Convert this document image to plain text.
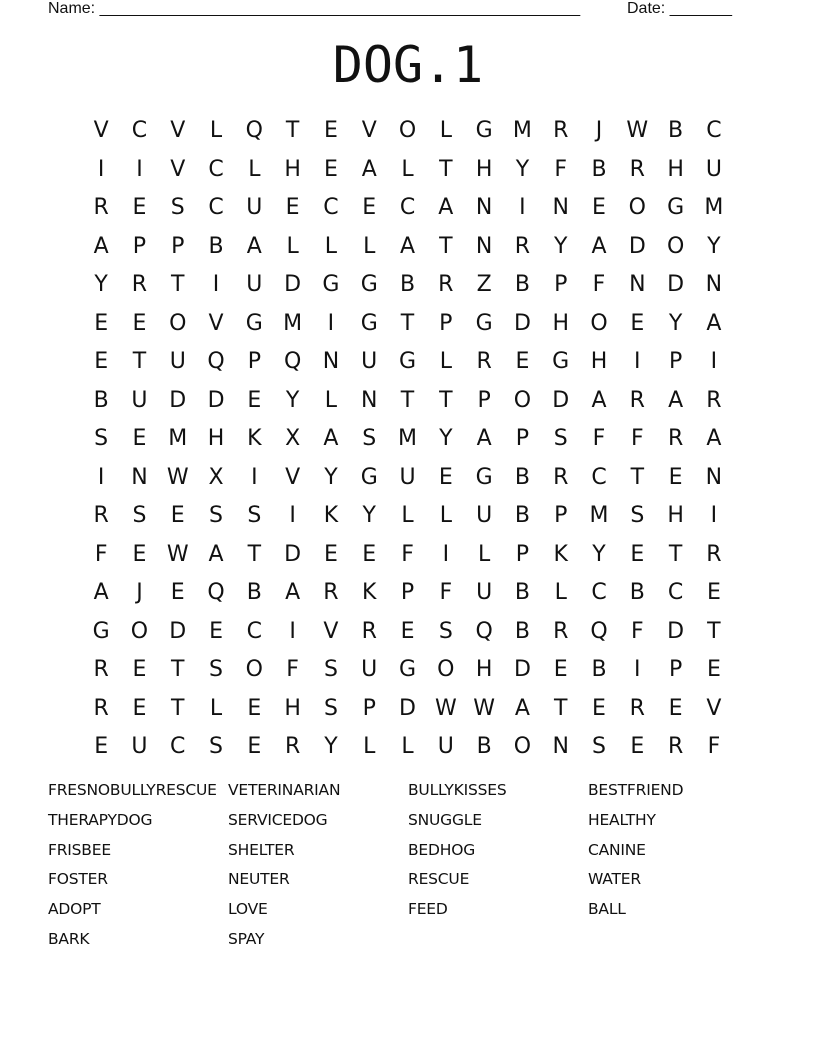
Name: ______________________________________________________	Date: _______
DOG.1
V	C	V	L	Q	T	E	V	O	L	G M R	J	W B	C
I	I	V	C	L	H	E	A	L	T	H	Y	F	B	R	H U
R	E	S	C	U	E	C	E	C	A	N	I	N	E	O G M
A	P	P	B	A	L	L	L	A	T	N	R	Y	A	D O	Y
Y	R	T	I	U D G G	B	R	Z	B	P	F	N D N
E	E	O	V	G M	I	G	T	P	G D H O	E	Y	A
E	T	U Q	P	Q N	U G	L	R	E	G H	I	P	I
B	U D D	E	Y	L	N	T	T	P	O D	A	R	A	R
S	E M H	K	X	A	S M	Y	A	P	S	F	F	R	A
I	N W X	I	V	Y	G U	E	G	B	R	C	T	E	N
R	S	E	S	S	I	K	Y	L	L	U	B	P	M S	H	I
F	E W A	T	D	E	E	F	I	L	P	K	Y	E	T	R
A	J	E	Q	B	A	R	K	P	F	U	B	L	C	B	C	E
G O D	E	C	I	V	R	E	S	Q	B	R Q	F	D	T
R	E	T	S	O	F	S	U G O H D	E	B	I	P	E
R	E	T	L	E	H	S	P	D W W A	T	E	R	E	V
E	U	C	S	E	R	Y	L	L	U	B	O N	S	E	R	F
FRESNOBULLYRESCUE VETERINARIAN	BULLYKISSES	BESTFRIEND
THERAPYDOG	SERVICEDOG	SNUGGLE	HEALTHY
FRISBEE	SHELTER	BEDHOG	CANINE
FOSTER	NEUTER	RESCUE	WATER
ADOPT	LOVE	FEED	BALL
BARK	SPAY
